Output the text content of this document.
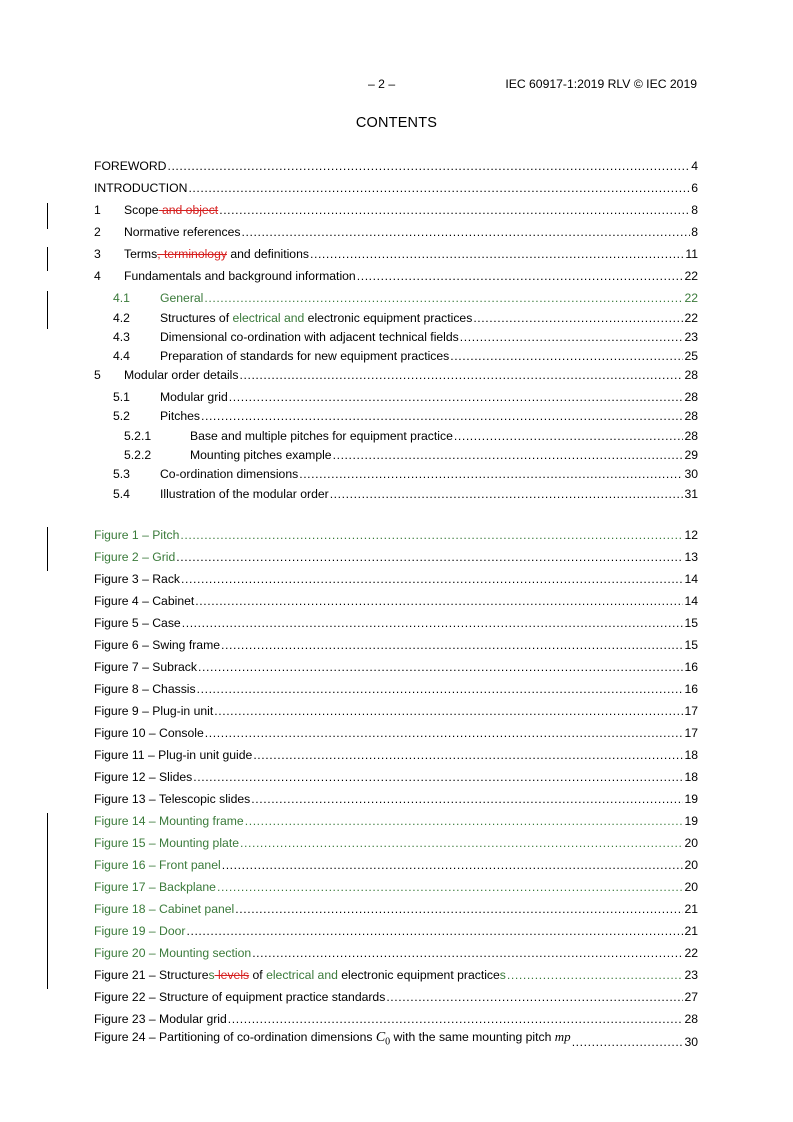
– 2 –	IEC 60917-1:2019 RLV © IEC 2019
CONTENTS
FOREWORD .....	4
INTRODUCTION .....	6
1	Scope and object .....	8
2	Normative references .....	8
3	Terms, terminology and definitions .....	11
4	Fundamentals and background information .....	22
4.1	General .....	22
4.2	Structures of electrical and electronic equipment practices .....	22
4.3	Dimensional co-ordination with adjacent technical fields .....	23
4.4	Preparation of standards for new equipment practices .....	25
5	Modular order details .....	28
5.1	Modular grid .....	28
5.2	Pitches .....	28
5.2.1	Base and multiple pitches for equipment practice .....	28
5.2.2	Mounting pitches example .....	29
5.3	Co-ordination dimensions .....	30
5.4	Illustration of the modular order .....	31
Figure 1 – Pitch .....	12
Figure 2 – Grid .....	13
Figure 3 – Rack .....	14
Figure 4 – Cabinet .....	14
Figure 5 – Case .....	15
Figure 6 – Swing frame .....	15
Figure 7 – Subrack .....	16
Figure 8 – Chassis .....	16
Figure 9 – Plug-in unit .....	17
Figure 10 – Console .....	17
Figure 11 – Plug-in unit guide .....	18
Figure 12 – Slides .....	18
Figure 13 – Telescopic slides .....	19
Figure 14 – Mounting frame .....	19
Figure 15 – Mounting plate .....	20
Figure 16 – Front panel .....	20
Figure 17 – Backplane .....	20
Figure 18 – Cabinet panel .....	21
Figure 19 – Door .....	21
Figure 20 – Mounting section .....	22
Figure 21 – Structures levels of electrical and electronic equipment practices .....	23
Figure 22 – Structure of equipment practice standards .....	27
Figure 23 – Modular grid .....	28
Figure 24 – Partitioning of co-ordination dimensions $C_0$ with the same mounting pitch mp .....	30
